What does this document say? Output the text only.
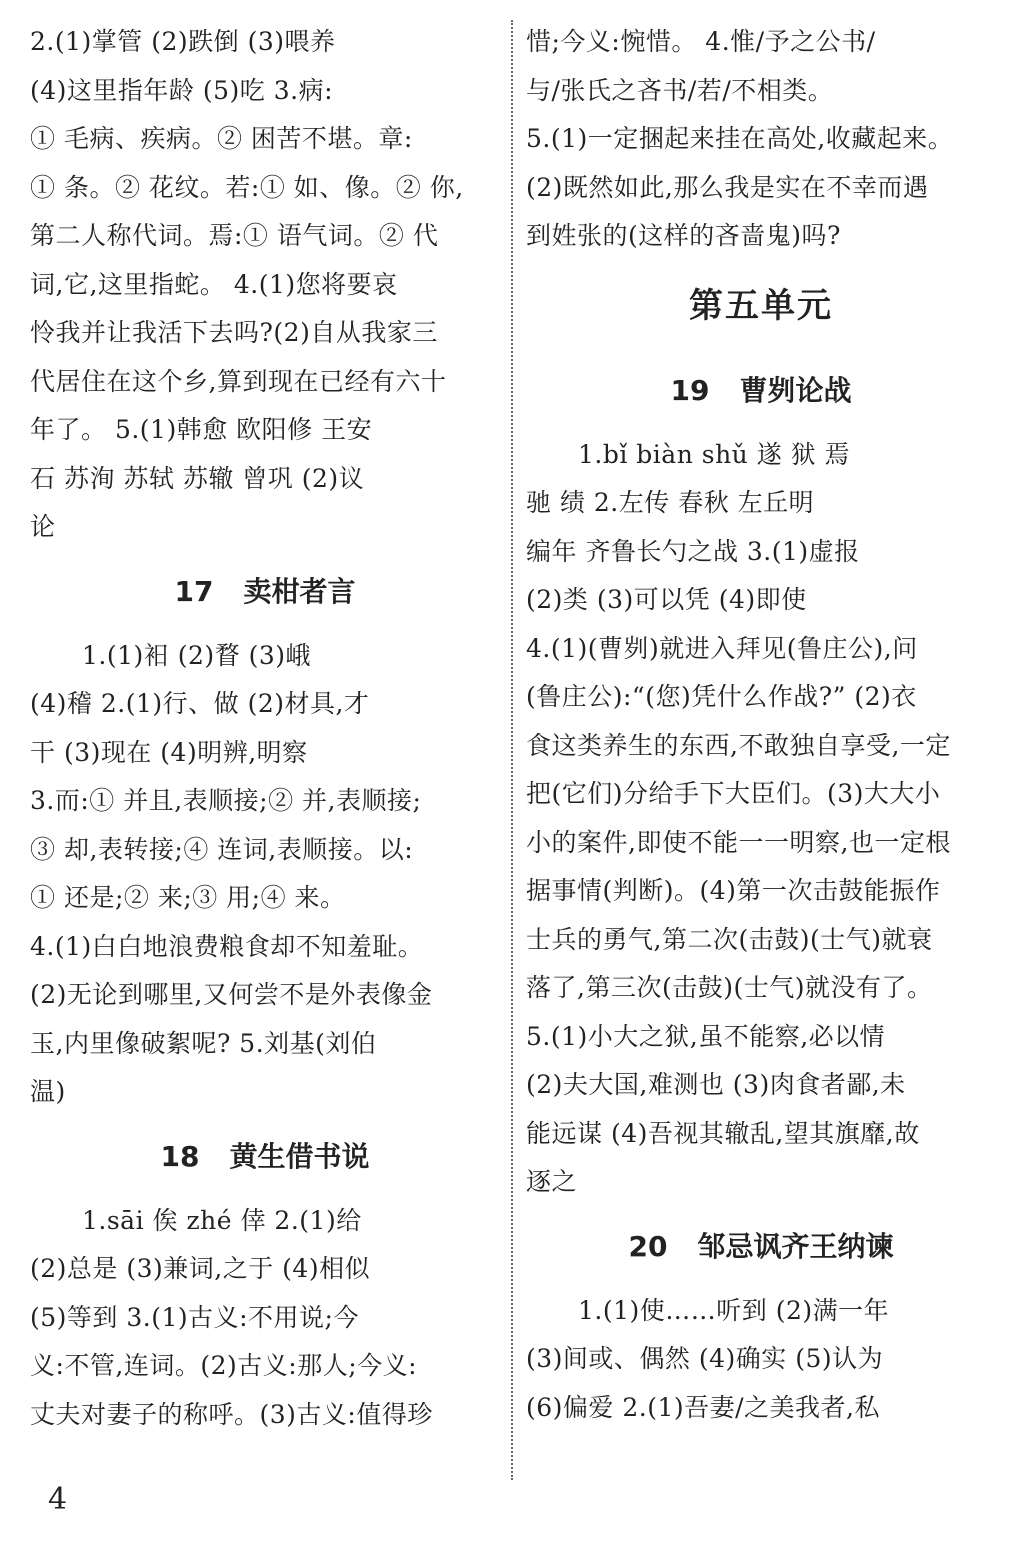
2.(1)掌管 (2)跌倒 (3)喂养
(4)这里指年龄 (5)吃 3.病:
① 毛病、疾病。② 困苦不堪。章:
① 条。② 花纹。若:① 如、像。② 你,
第二人称代词。焉:① 语气词。② 代
词,它,这里指蛇。 4.(1)您将要哀
怜我并让我活下去吗?(2)自从我家三
代居住在这个乡,算到现在已经有六十
年了。 5.(1)韩愈 欧阳修 王安
石 苏洵 苏轼 苏辙 曾巩 (2)议
论
17 卖柑者言
1.(1)衵 (2)瞀 (3)峨
(4)稽 2.(1)行、做 (2)材具,才
干 (3)现在 (4)明辨,明察
3.而:① 并且,表顺接;② 并,表顺接;
③ 却,表转接;④ 连词,表顺接。以:
① 还是;② 来;③ 用;④ 来。
4.(1)白白地浪费粮食却不知羞耻。
(2)无论到哪里,又何尝不是外表像金
玉,内里像破絮呢? 5.刘基(刘伯
温)
18 黄生借书说
1.sāi 俟 zhé 倖 2.(1)给
(2)总是 (3)兼词,之于 (4)相似
(5)等到 3.(1)古义:不用说;今
义:不管,连词。(2)古义:那人;今义:
丈夫对妻子的称呼。(3)古义:值得珍
惜;今义:惋惜。 4.惟/予之公书/
与/张氏之吝书/若/不相类。
5.(1)一定捆起来挂在高处,收藏起来。
(2)既然如此,那么我是实在不幸而遇
到姓张的(这样的吝啬鬼)吗?
第五单元
19 曹刿论战
1.bǐ biàn shǔ 遂 狱 焉
驰 绩 2.左传 春秋 左丘明
编年 齐鲁长勺之战 3.(1)虚报
(2)类 (3)可以凭 (4)即使
4.(1)(曹刿)就进入拜见(鲁庄公),问
(鲁庄公):“(您)凭什么作战?” (2)衣
食这类养生的东西,不敢独自享受,一定
把(它们)分给手下大臣们。(3)大大小
小的案件,即使不能一一明察,也一定根
据事情(判断)。(4)第一次击鼓能振作
士兵的勇气,第二次(击鼓)(士气)就衰
落了,第三次(击鼓)(士气)就没有了。
5.(1)小大之狱,虽不能察,必以情
(2)夫大国,难测也 (3)肉食者鄙,未
能远谋 (4)吾视其辙乱,望其旗靡,故
逐之
20 邹忌讽齐王纳谏
1.(1)使……听到 (2)满一年
(3)间或、偶然 (4)确实 (5)认为
(6)偏爱 2.(1)吾妻/之美我者,私
4
